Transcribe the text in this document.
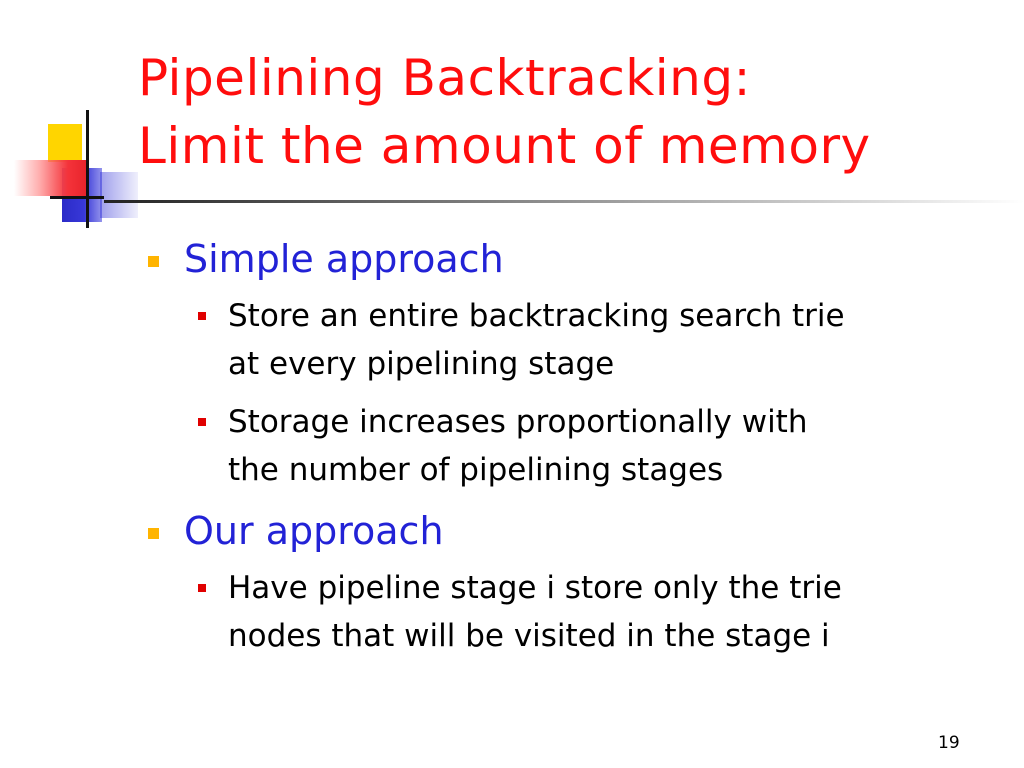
Pipelining Backtracking:
Limit the amount of memory
Simple approach
Store an entire backtracking search trie
at every pipelining stage
Storage increases proportionally with
the number of pipelining stages
Our approach
Have pipeline stage i store only the trie
nodes that will be visited in the stage i
19
